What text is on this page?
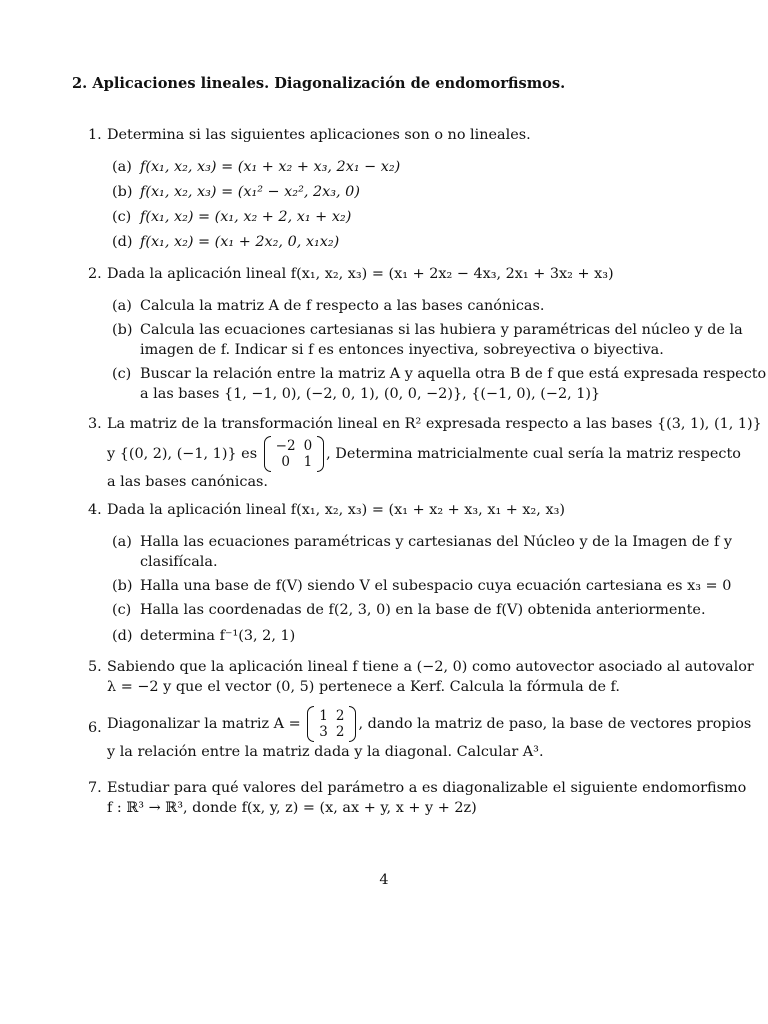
2. Aplicaciones lineales. Diagonalización de endomorfismos.
1. Determina si las siguientes aplicaciones son o no lineales.
(a) f(x₁, x₂, x₃) = (x₁ + x₂ + x₃, 2x₁ − x₂)
(b) f(x₁, x₂, x₃) = (x₁² − x₂², 2x₃, 0)
(c) f(x₁, x₂) = (x₁, x₂ + 2, x₁ + x₂)
(d) f(x₁, x₂) = (x₁ + 2x₂, 0, x₁x₂)
2. Dada la aplicación lineal f(x₁, x₂, x₃) = (x₁ + 2x₂ − 4x₃, 2x₁ + 3x₂ + x₃)
(a) Calcula la matriz A de f respecto a las bases canónicas.
(b) Calcula las ecuaciones cartesianas si las hubiera y paramétricas del núcleo y de la
imagen de f. Indicar si f es entonces inyectiva, sobreyectiva o biyectiva.
(c) Buscar la relación entre la matriz A y aquella otra B de f que está expresada respecto
a las bases {1, −1, 0), (−2, 0, 1), (0, 0, −2)}, {(−1, 0), (−2, 1)}
3. La matriz de la transformación lineal en R² expresada respecto a las bases {(3, 1), (1, 1)}
y {(0, 2), (−1, 1)} es −2	0
0	1 , Determina matricialmente cual sería la matriz respecto
a las bases canónicas.
4. Dada la aplicación lineal f(x₁, x₂, x₃) = (x₁ + x₂ + x₃, x₁ + x₂, x₃)
(a) Halla las ecuaciones paramétricas y cartesianas del Núcleo y de la Imagen de f y
clasifícala.
(b) Halla una base de f(V) siendo V el subespacio cuya ecuación cartesiana es x₃ = 0
(c) Halla las coordenadas de f(2, 3, 0) en la base de f(V) obtenida anteriormente.
(d) determina f⁻¹(3, 2, 1)
5. Sabiendo que la aplicación lineal f tiene a (−2, 0) como autovector asociado al autovalor
λ = −2 y que el vector (0, 5) pertenece a Kerf. Calcula la fórmula de f.
6. Diagonalizar la matriz A = 1	2
3	2 , dando la matriz de paso, la base de vectores propios
y la relación entre la matriz dada y la diagonal. Calcular A³.
7. Estudiar para qué valores del parámetro a es diagonalizable el siguiente endomorfismo
f : ℝ³ → ℝ³, donde f(x, y, z) = (x, ax + y, x + y + 2z)
4
